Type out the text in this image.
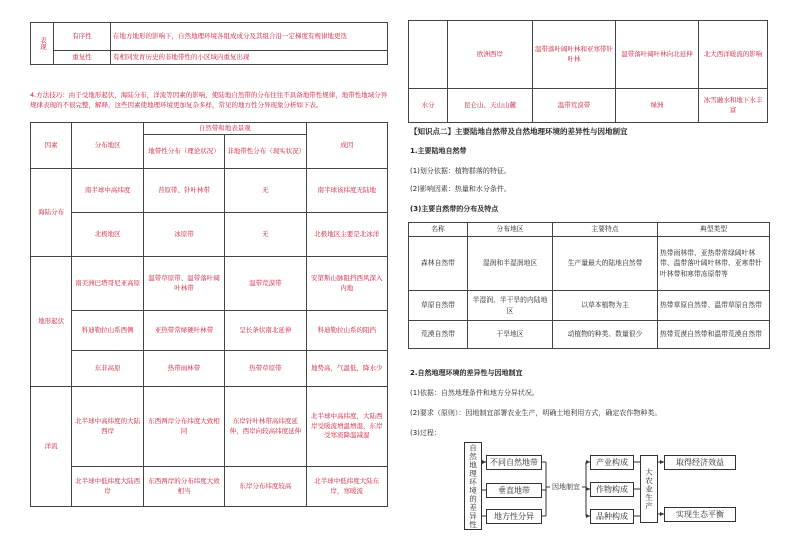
表现	有序性	在地方地形的影响下，自然地理环境各组成成分及其组合沿一定梯度有规律地更迭
	重复性	有相同发育历史的非地带性的小区域内重复出现
4.方法技巧：由于受地形起伏，海陆分布，洋流等因素的影响，使陆地自然带的分布往往不具备地带性规律，地带性地域分异规律表现的不很完整，解释，这些因素使地理环境更加复杂多样，常见的地方性分异现象分析如下表。
因素	分布地区	自然带和地表景观		成因
		地带性分布（理论状况）	非地带性分布（现实状况）	
海陆分布	南半球中高纬度	苔原带、针叶林带	无	南半球该纬度无陆地
	北极地区	冰原带	无	北极地区主要是北冰洋
地形起伏	南美洲巴塔哥尼亚高原	温带草原带、温带落叶阔叶林带	温带荒漠带	安第斯山脉阻挡西风深入内地
	科迪勒拉山系西侧	亚热带常绿硬叶林带	呈长条状南北延伸	科迪勒拉山系的阻挡
	东非高原	热带雨林带	热带草原带	地势高，气温低，降水少
洋流	北半球中高纬度的大陆西岸	东西两岸分布纬度大致相同	东岸针叶林带高纬度延伸，西岸向较高纬度延伸	北半球中高纬度，大陆西岸受暖流增温增湿，东岸受寒流降温减湿
	北半球中低纬度大陆西岸	东西两岸的分布纬度大致相当	东岸分布纬度较高	北半球中低纬度大陆东岸，寒暖流
	欧洲西岸	温带落叶阔叶林和亚寒带针叶林	温带落叶阔叶林向北延伸	北大西洋暖流的影响
水分	昆仑山、天山山麓	温带荒漠带	绿洲	冰雪融水和地下水丰富
【知识点二】主要陆地自然带及自然地理环境的差异性与因地制宜
1.主要陆地自然带
(1)划分依据：植物群落的特征。
(2)影响因素：热量和水分条件。
(3)主要自然带的分布及特点
名称	分布地区	主要特点	典型类型
森林自然带	湿润和半湿润地区	生产量最大的陆地自然带	热带雨林带、亚热带常绿阔叶林带、温带落叶阔叶林带、亚寒带针叶林带和寒带冻原带等
草原自然带	半湿润、半干旱的内陆地区	以草本植物为主	热带草原自然带、温带草原自然带
荒漠自然带	干旱地区	动植物的种类、数量很少	热带荒漠自然带和温带荒漠自然带
2.自然地理环境的差异性与因地制宜
(1)依据：自然地理条件和地方分异状况。
(2)要求（原则）：因地制宜部署农业生产，明确土地利用方式，确定农作物种类。
(3)过程：
自然地理环境的差异性	不同自然地带
垂直地带
地方性分异
因地制宜
产业构成
作物构成
品种构成
大农业生产
取得经济效益
实现生态平衡
